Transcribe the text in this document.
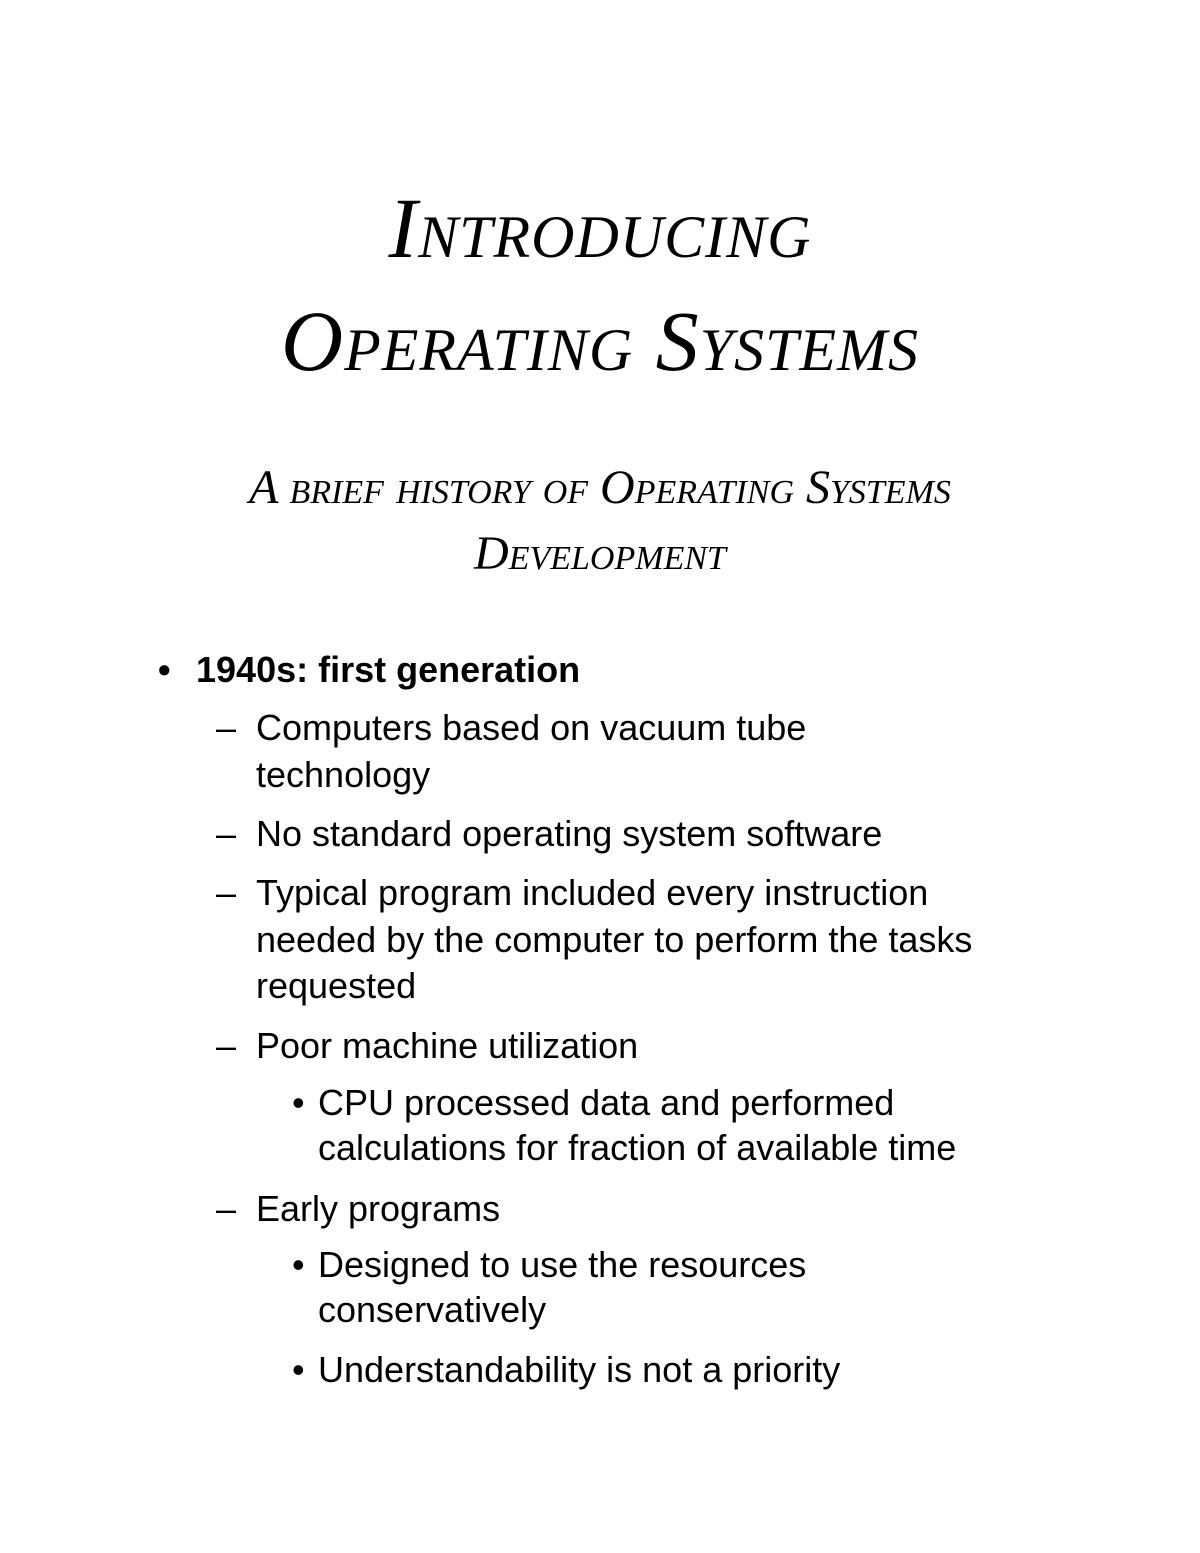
Introducing
Operating Systems
A brief history of Operating Systems
Development
• 1940s: first generation
– Computers based on vacuum tube
technology
– No standard operating system software
– Typical program included every instruction
needed by the computer to perform the tasks
requested
– Poor machine utilization
• CPU processed data and performed
calculations for fraction of available time
– Early programs
• Designed to use the resources
conservatively
• Understandability is not a priority
